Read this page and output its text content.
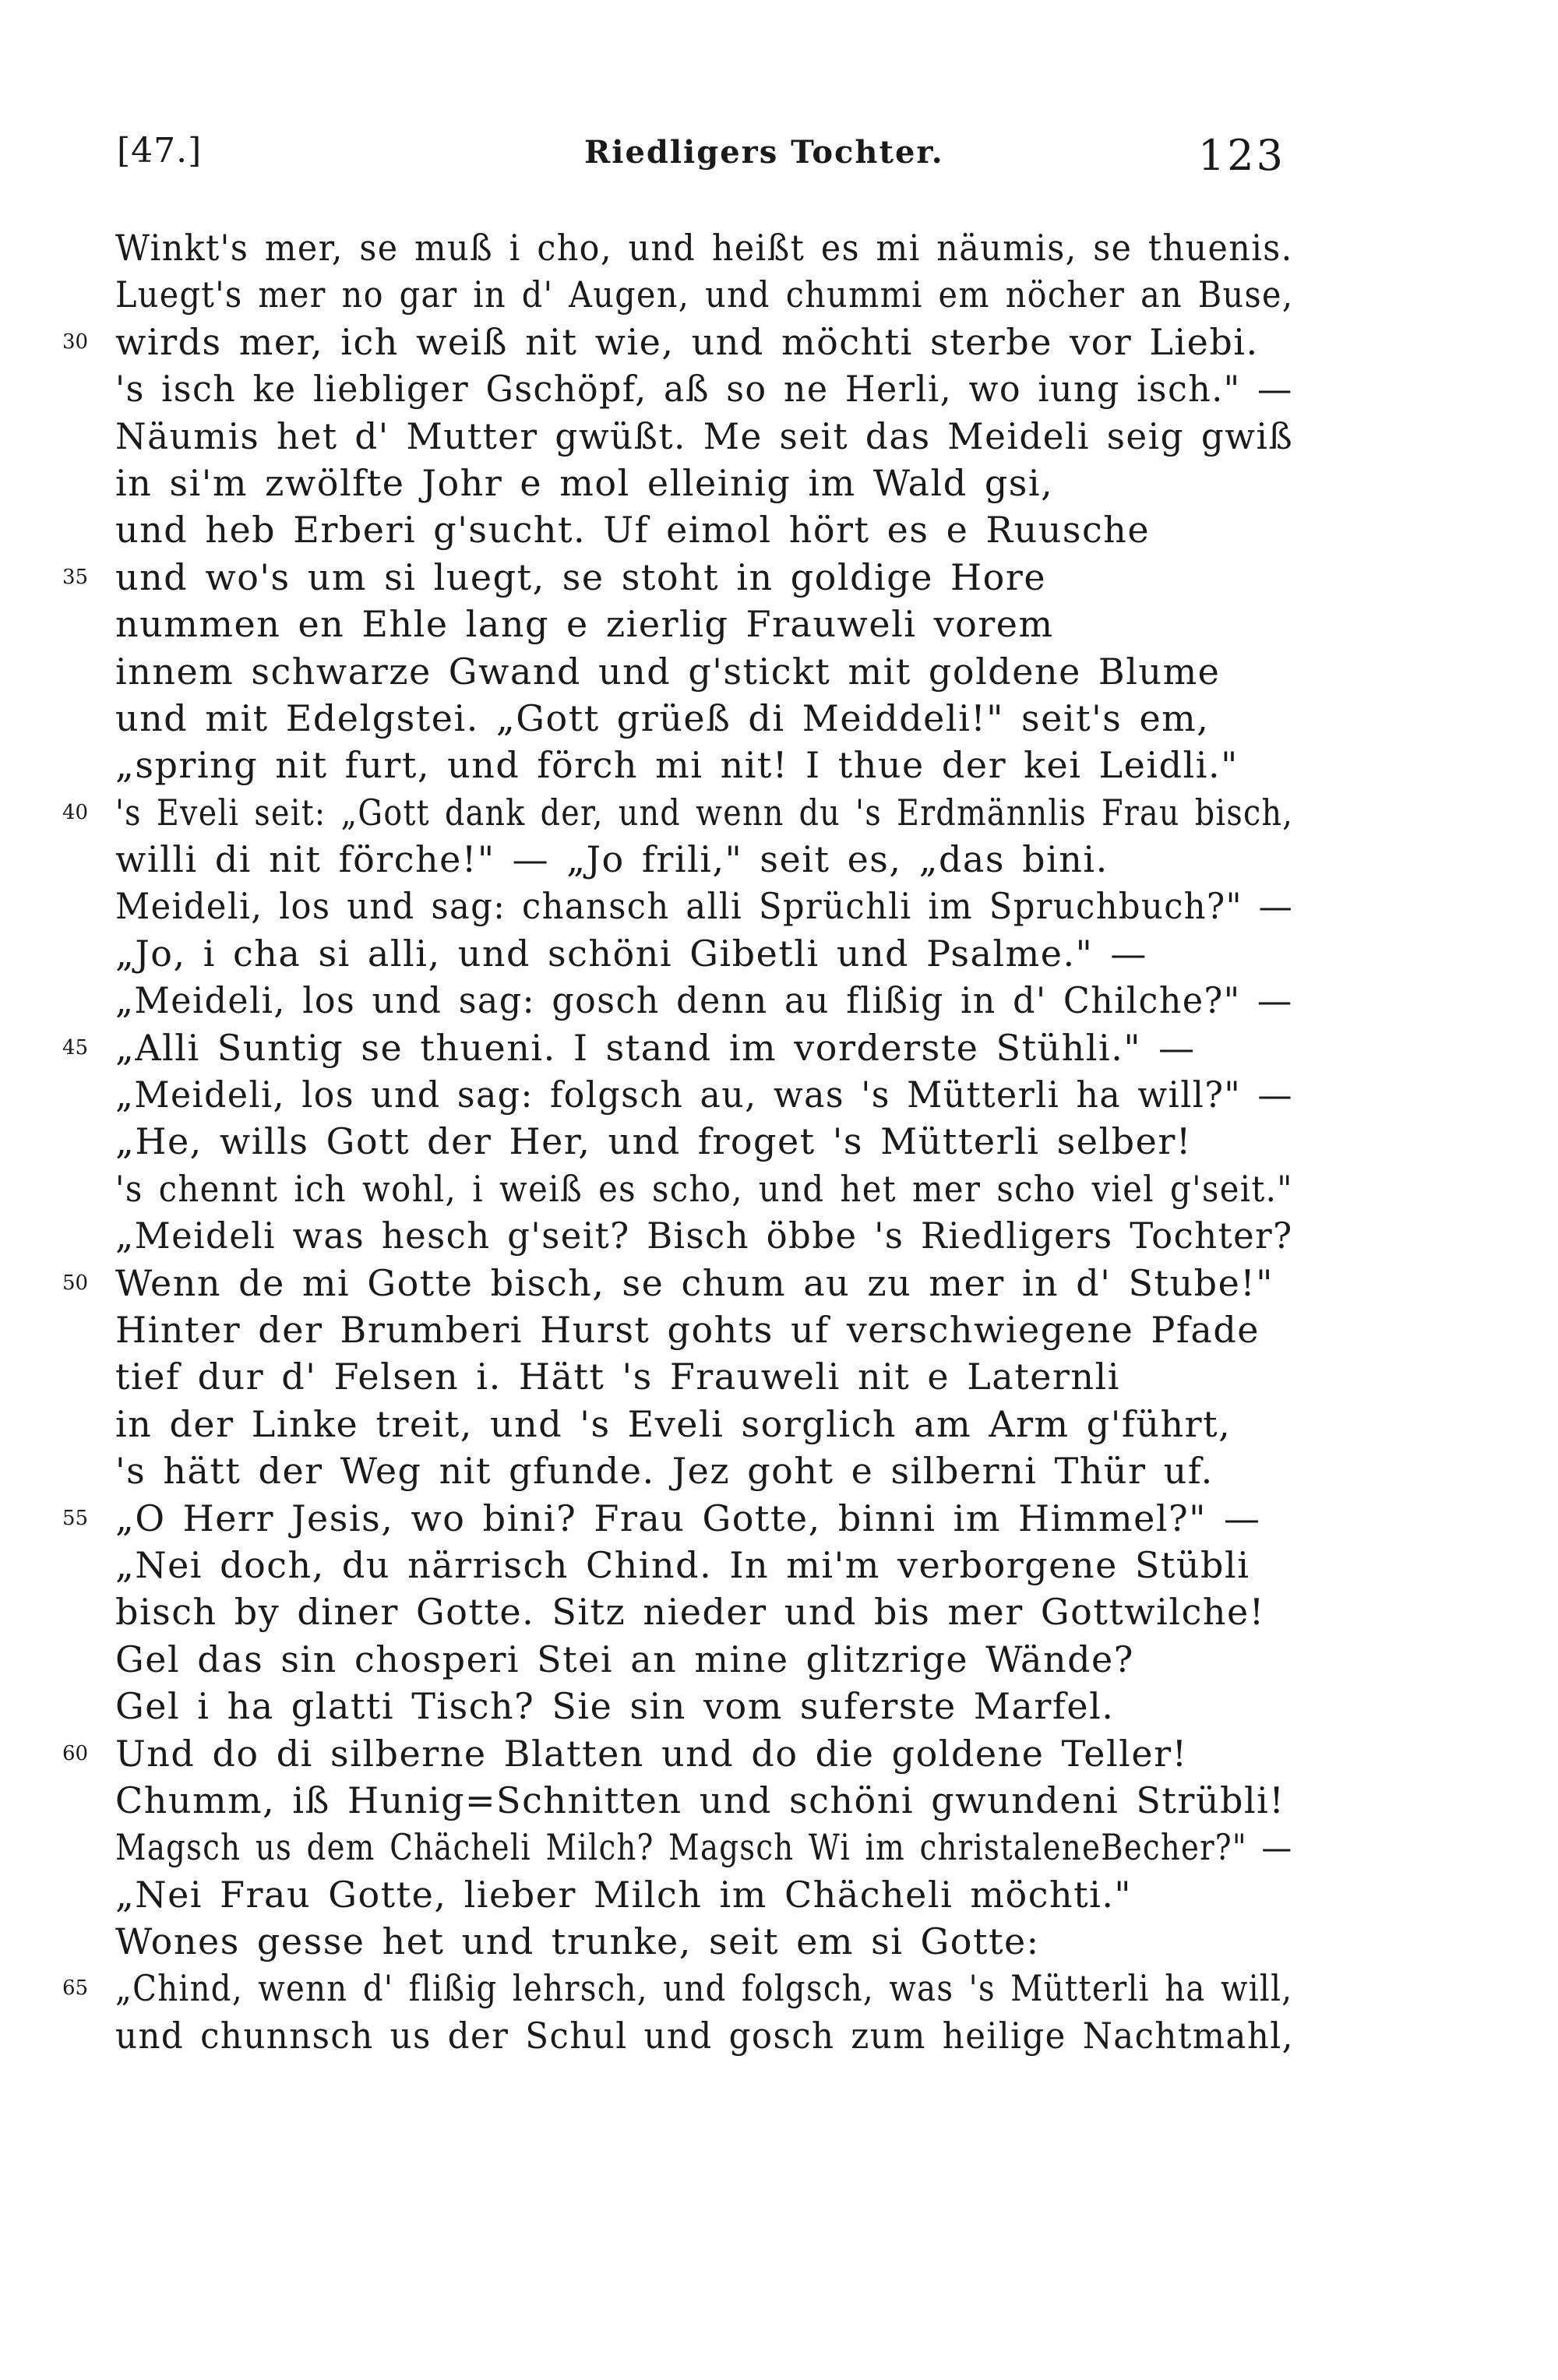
[47.]	Riedligers Tochter.	123
Winkt's mer, se muß i cho, und heißt es mi näumis, se thuenis.
Luegt's mer no gar in d' Augen, und chummi em nöcher an Buse,
30 wirds mer, ich weiß nit wie, und möchti sterbe vor Liebi.
's isch ke liebliger Gschöpf, aß so ne Herli, wo iung isch." —
Näumis het d' Mutter gwüßt. Me seit das Meideli seig gwiß
in si'm zwölfte Johr e mol elleinig im Wald gsi,
und heb Erberi g'sucht. Uf eimol hört es e Ruusche
35 und wo's um si luegt, se stoht in goldige Hore
nummen en Ehle lang e zierlig Frauweli vorem
innem schwarze Gwand und g'stickt mit goldene Blume
und mit Edelgstei. „Gott grüeß di Meiddeli!" seit's em,
„spring nit furt, und förch mi nit! I thue der kei Leidli."
40 's Eveli seit: „Gott dank der, und wenn du 's Erdmännlis Frau bisch,
willi di nit förche!" — „Jo frili," seit es, „das bini.
Meideli, los und sag: chansch alli Sprüchli im Spruchbuch?" —
„Jo, i cha si alli, und schöni Gibetli und Psalme." —
„Meideli, los und sag: gosch denn au flißig in d' Chilche?" —
45 „Alli Suntig se thueni. I stand im vorderste Stühli." —
„Meideli, los und sag: folgsch au, was 's Mütterli ha will?" —
„He, wills Gott der Her, und froget 's Mütterli selber!
's chennt ich wohl, i weiß es scho, und het mer scho viel g'seit."
„Meideli was hesch g'seit? Bisch öbbe 's Riedligers Tochter?
50 Wenn de mi Gotte bisch, se chum au zu mer in d' Stube!"
Hinter der Brumberi Hurst gohts uf verschwiegene Pfade
tief dur d' Felsen i. Hätt 's Frauweli nit e Laternli
in der Linke treit, und 's Eveli sorglich am Arm g'führt,
's hätt der Weg nit gfunde. Jez goht e silberni Thür uf.
55 „O Herr Jesis, wo bini? Frau Gotte, binni im Himmel?" —
„Nei doch, du närrisch Chind. In mi'm verborgene Stübli
bisch by diner Gotte. Sitz nieder und bis mer Gottwilche!
Gel das sin chosperi Stei an mine glitzrige Wände?
Gel i ha glatti Tisch? Sie sin vom suferste Marfel.
60 Und do di silberne Blatten und do die goldene Teller!
Chumm, iß Hunig=Schnitten und schöni gwundeni Strübli!
Magsch us dem Chächeli Milch? Magsch Wi im christaleneBecher?" —
„Nei Frau Gotte, lieber Milch im Chächeli möchti."
Wones gesse het und trunke, seit em si Gotte:
65 „Chind, wenn d' flißig lehrsch, und folgsch, was 's Mütterli ha will,
und chunnsch us der Schul und gosch zum heilige Nachtmahl,
